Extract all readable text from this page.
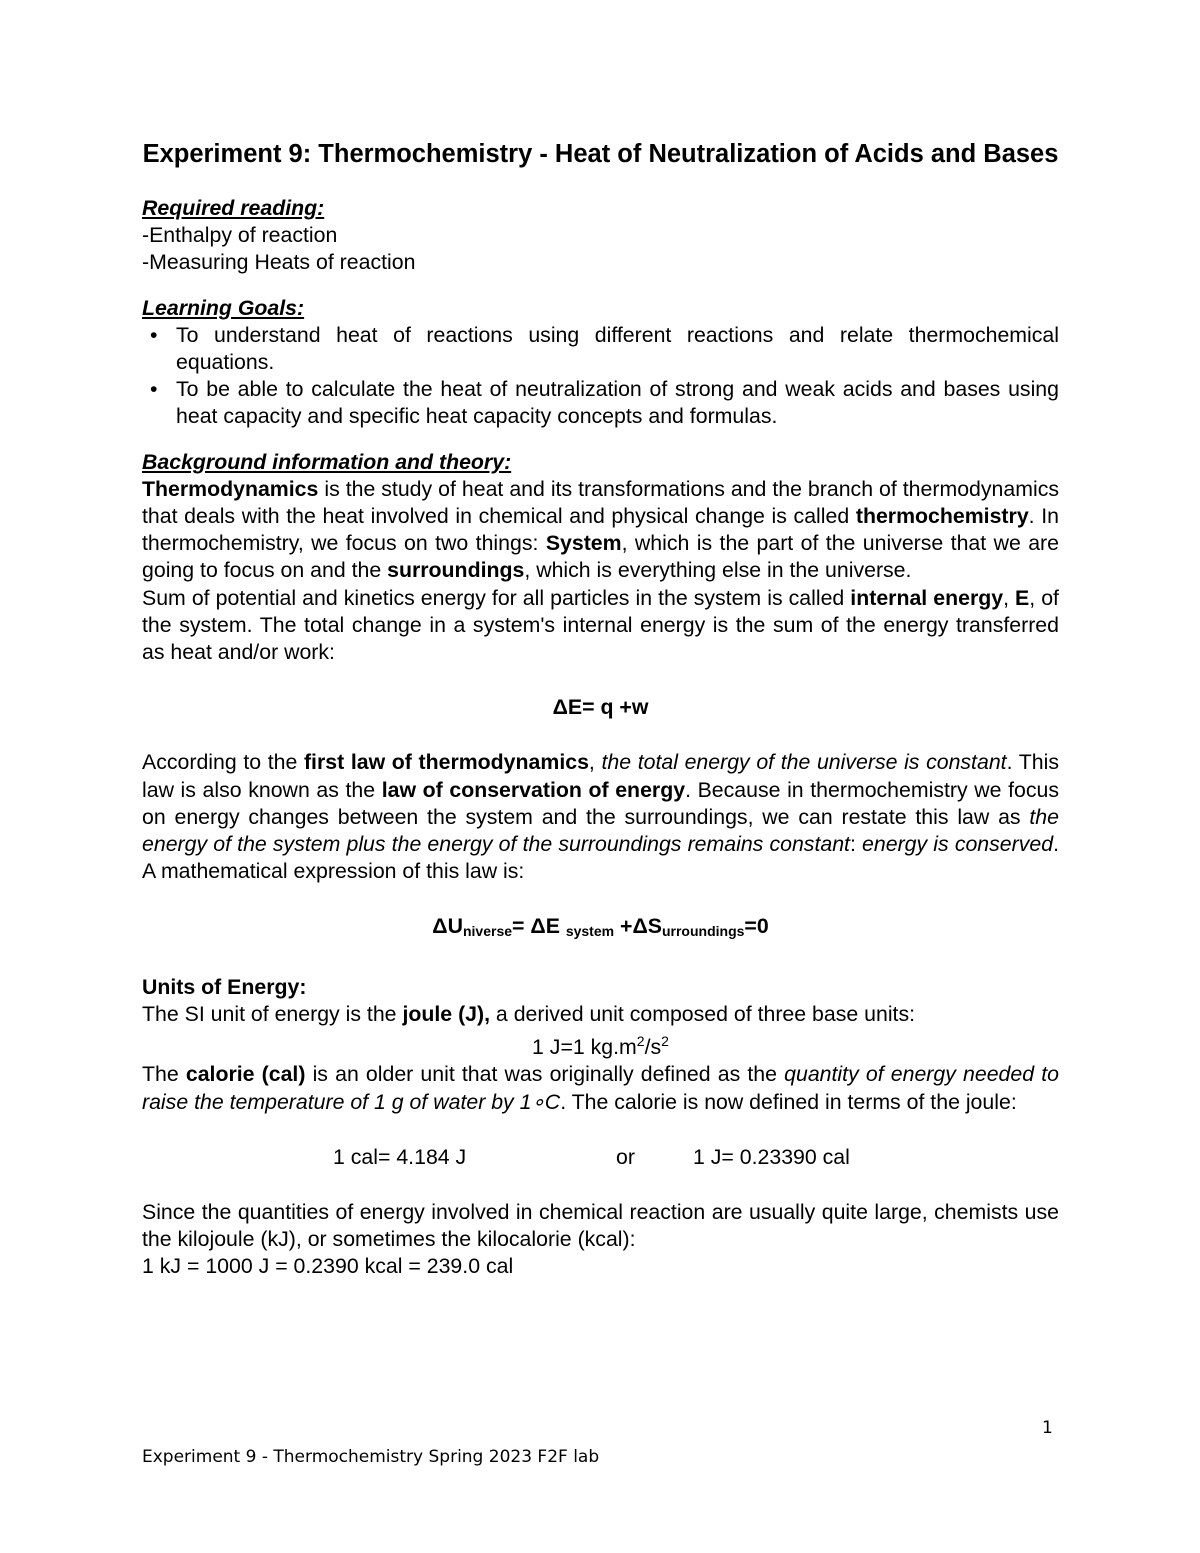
Experiment 9: Thermochemistry - Heat of Neutralization of Acids and Bases
Required reading:

-Enthalpy of reaction

-Measuring Heats of reaction

Learning Goals:
• To understand heat of reactions using different reactions and relate thermochemical equations.
• To be able to calculate the heat of neutralization of strong and weak acids and bases using heat capacity and specific heat capacity concepts and formulas.
Background information and theory:

Thermodynamics is the study of heat and its transformations and the branch of thermodynamics that deals with the heat involved in chemical and physical change is called thermochemistry. In thermochemistry, we focus on two things: System, which is the part of the universe that we are going to focus on and the surroundings, which is everything else in the universe.

Sum of potential and kinetics energy for all particles in the system is called internal energy, E, of the system. The total change in a system's internal energy is the sum of the energy transferred as heat and/or work:

ΔE= q +w

According to the first law of thermodynamics, the total energy of the universe is constant. This law is also known as the law of conservation of energy. Because in thermochemistry we focus on energy changes between the system and the surroundings, we can restate this law as the energy of the system plus the energy of the surroundings remains constant: energy is conserved. A mathematical expression of this law is:

$\Delta U_{niverse}= \Delta E$ $_{system} +\Delta S_{urroundings}=0$
Units of Energy:

The SI unit of energy is the joule (J), a derived unit composed of three base units:

1 J=1 $kg.m^2/s^2$

The calorie (cal) is an older unit that was originally defined as the quantity of energy needed to raise the temperature of 1 g of water by 1∘C. The calorie is now defined in terms of the joule:

1 cal= 4.184 J	or	1 J= 0.23390 cal

Since the quantities of energy involved in chemical reaction are usually quite large, chemists use the kilojoule (kJ), or sometimes the kilocalorie (kcal):

1 kJ = 1000 J = 0.2390 kcal = 239.0 cal

1
Experiment 9 - Thermochemistry Spring 2023 F2F lab
